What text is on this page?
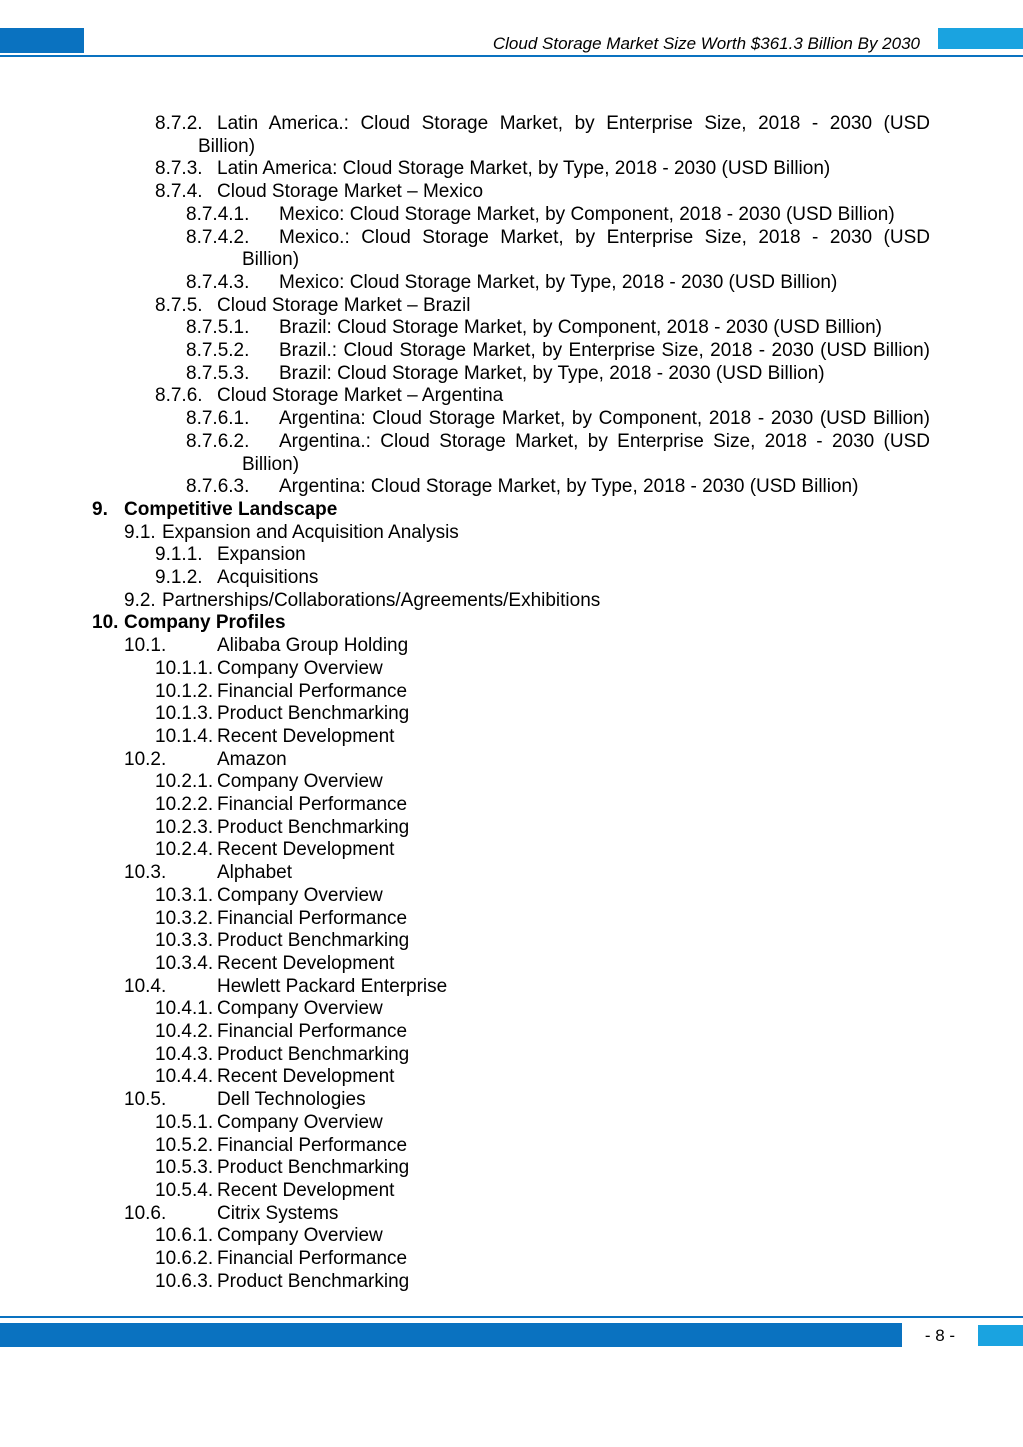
Cloud Storage Market Size Worth $361.3 Billion By 2030
8.7.2. Latin America.: Cloud Storage Market, by Enterprise Size, 2018 - 2030 (USD
Billion)
8.7.3. Latin America: Cloud Storage Market, by Type, 2018 - 2030 (USD Billion)
8.7.4. Cloud Storage Market – Mexico
8.7.4.1. Mexico: Cloud Storage Market, by Component, 2018 - 2030 (USD Billion)
8.7.4.2. Mexico.: Cloud Storage Market, by Enterprise Size, 2018 - 2030 (USD
Billion)
8.7.4.3. Mexico: Cloud Storage Market, by Type, 2018 - 2030 (USD Billion)
8.7.5. Cloud Storage Market – Brazil
8.7.5.1. Brazil: Cloud Storage Market, by Component, 2018 - 2030 (USD Billion)
8.7.5.2. Brazil.: Cloud Storage Market, by Enterprise Size, 2018 - 2030 (USD Billion)
8.7.5.3. Brazil: Cloud Storage Market, by Type, 2018 - 2030 (USD Billion)
8.7.6. Cloud Storage Market – Argentina
8.7.6.1. Argentina: Cloud Storage Market, by Component, 2018 - 2030 (USD Billion)
8.7.6.2. Argentina.: Cloud Storage Market, by Enterprise Size, 2018 - 2030 (USD
Billion)
8.7.6.3. Argentina: Cloud Storage Market, by Type, 2018 - 2030 (USD Billion)
9. Competitive Landscape
9.1. Expansion and Acquisition Analysis
9.1.1. Expansion
9.1.2. Acquisitions
9.2. Partnerships/Collaborations/Agreements/Exhibitions
10. Company Profiles
10.1.	Alibaba Group Holding
10.1.1. Company Overview
10.1.2. Financial Performance
10.1.3. Product Benchmarking
10.1.4. Recent Development
10.2.	Amazon
10.2.1. Company Overview
10.2.2. Financial Performance
10.2.3. Product Benchmarking
10.2.4. Recent Development
10.3.	Alphabet
10.3.1. Company Overview
10.3.2. Financial Performance
10.3.3. Product Benchmarking
10.3.4. Recent Development
10.4.	Hewlett Packard Enterprise
10.4.1. Company Overview
10.4.2. Financial Performance
10.4.3. Product Benchmarking
10.4.4. Recent Development
10.5.	Dell Technologies
10.5.1. Company Overview
10.5.2. Financial Performance
10.5.3. Product Benchmarking
10.5.4. Recent Development
10.6.	Citrix Systems
10.6.1. Company Overview
10.6.2. Financial Performance
10.6.3. Product Benchmarking
- 8 -
